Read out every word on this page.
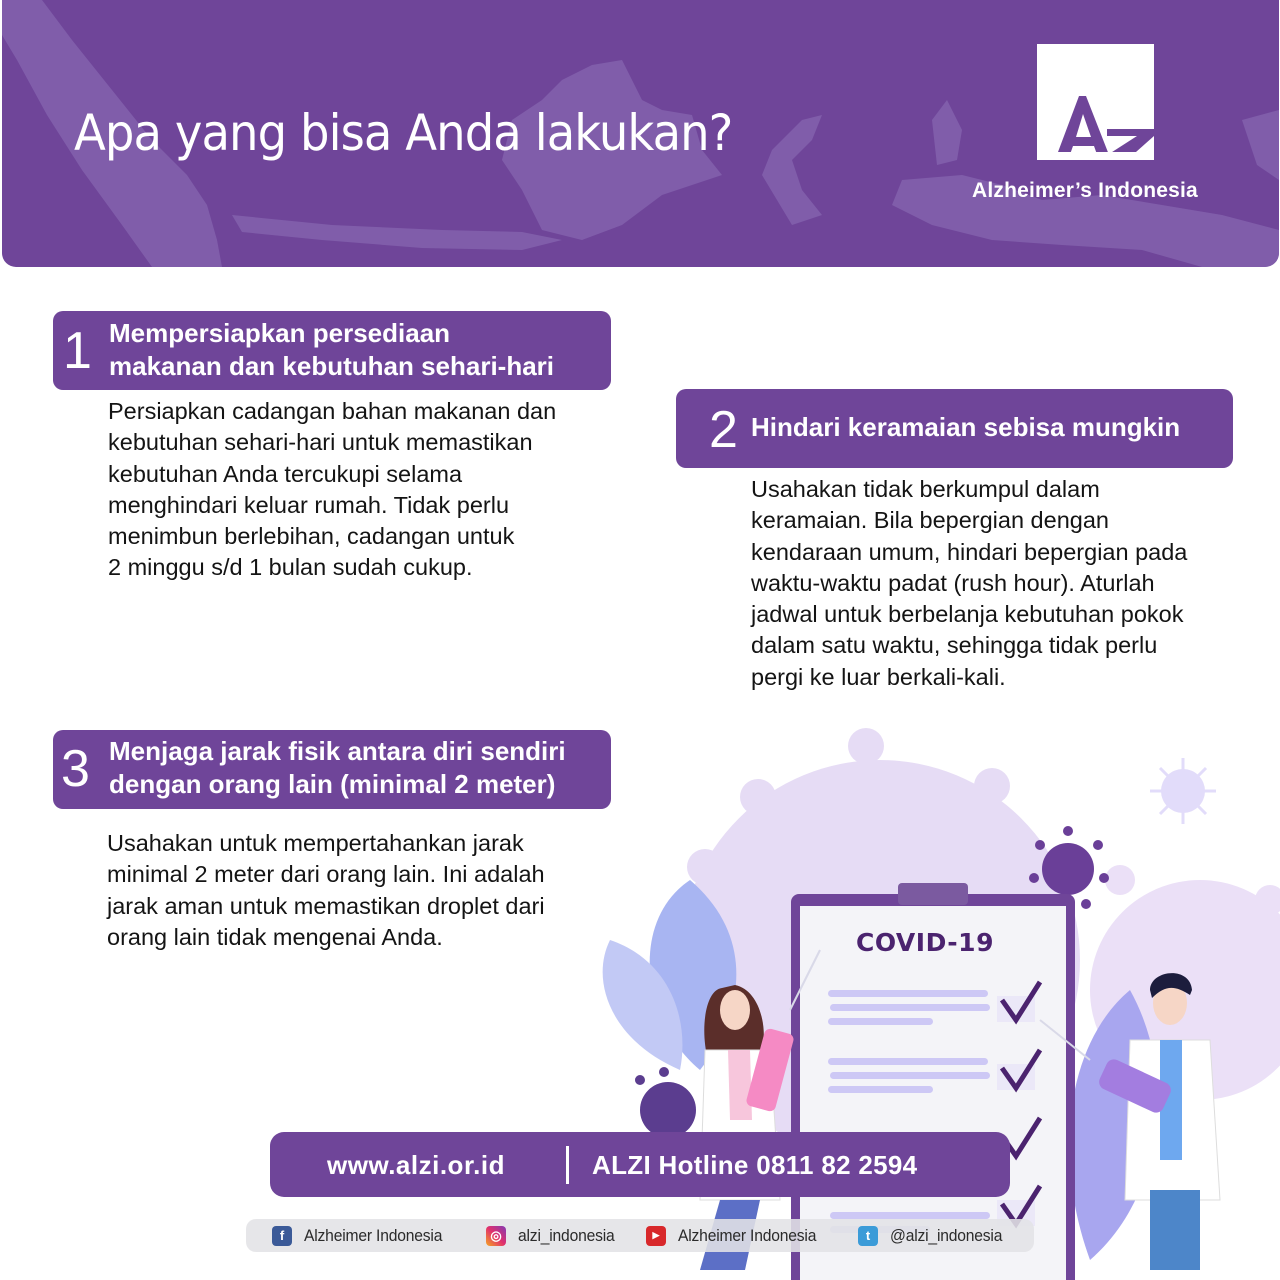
Apa yang bisa Anda lakukan?
Alzheimer’s Indonesia
1 Mempersiapkan persediaan
makanan dan kebutuhan sehari-hari
Persiapkan cadangan bahan makanan dan
kebutuhan sehari-hari untuk memastikan
kebutuhan Anda tercukupi selama
menghindari keluar rumah. Tidak perlu
menimbun berlebihan, cadangan untuk
2 minggu s/d 1 bulan sudah cukup.
2 Hindari keramaian sebisa mungkin
Usahakan tidak berkumpul dalam
keramaian. Bila bepergian dengan
kendaraan umum, hindari bepergian pada
waktu-waktu padat (rush hour). Aturlah
jadwal untuk berbelanja kebutuhan pokok
dalam satu waktu, sehingga tidak perlu
pergi ke luar berkali-kali.
3 Menjaga jarak fisik antara diri sendiri
dengan orang lain (minimal 2 meter)
Usahakan untuk mempertahankan jarak
minimal 2 meter dari orang lain. Ini adalah
jarak aman untuk memastikan droplet dari
orang lain tidak mengenai Anda.	COVID-19
www.alzi.or.id	ALZI Hotline 0811 82 2594
f	Alzheimer Indonesia	◎ alzi_indonesia	▶	Alzheimer Indonesia	t	@alzi_indonesia
